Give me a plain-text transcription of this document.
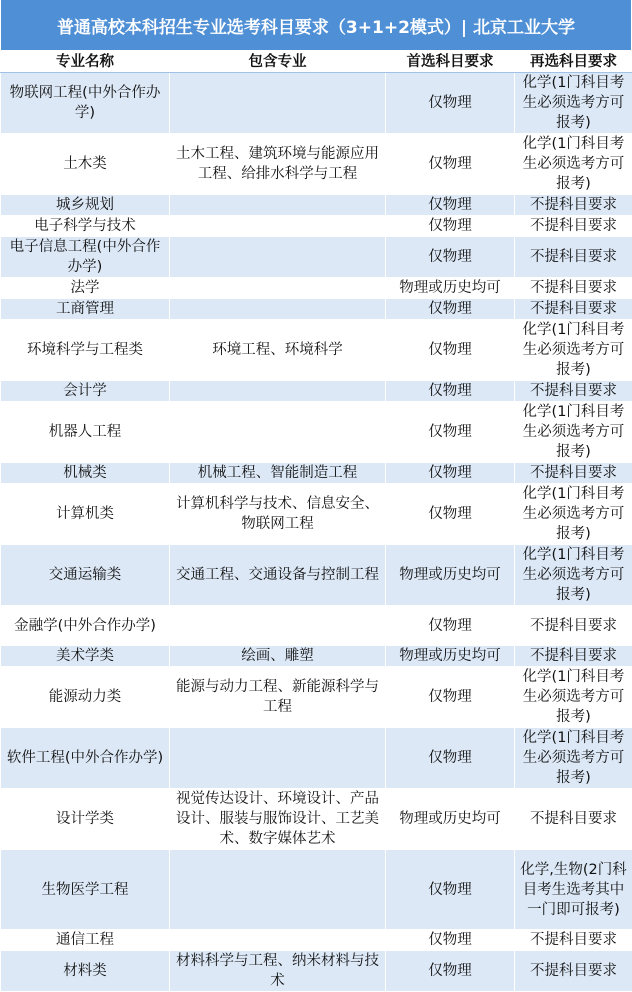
普通高校本科招生专业选考科目要求（3+1+2模式）| 北京工业大学
专业名称	包含专业	首选科目要求	再选科目要求
物联网工程(中外合作办学)		仅物理	化学(1门科目考生必须选考方可报考)
土木类	土木工程、建筑环境与能源应用工程、给排水科学与工程	仅物理	化学(1门科目考生必须选考方可报考)
城乡规划		仅物理	不提科目要求
电子科学与技术		仅物理	不提科目要求
电子信息工程(中外合作办学)		仅物理	不提科目要求
法学		物理或历史均可	不提科目要求
工商管理		仅物理	不提科目要求
环境科学与工程类	环境工程、环境科学	仅物理	化学(1门科目考生必须选考方可报考)
会计学		仅物理	不提科目要求
机器人工程		仅物理	化学(1门科目考生必须选考方可报考)
机械类	机械工程、智能制造工程	仅物理	不提科目要求
计算机类	计算机科学与技术、信息安全、物联网工程	仅物理	化学(1门科目考生必须选考方可报考)
交通运输类	交通工程、交通设备与控制工程	物理或历史均可	化学(1门科目考生必须选考方可报考)
金融学(中外合作办学)		仅物理	不提科目要求
美术学类	绘画、雕塑	物理或历史均可	不提科目要求
能源动力类	能源与动力工程、新能源科学与工程	仅物理	化学(1门科目考生必须选考方可报考)
软件工程(中外合作办学)		仅物理	化学(1门科目考生必须选考方可报考)
设计学类	视觉传达设计、环境设计、产品设计、服装与服饰设计、工艺美术、数字媒体艺术	物理或历史均可	不提科目要求
生物医学工程		仅物理	化学,生物(2门科目考生选考其中一门即可报考)
通信工程		仅物理	不提科目要求
材料类	材料科学与工程、纳米材料与技术	仅物理	不提科目要求
